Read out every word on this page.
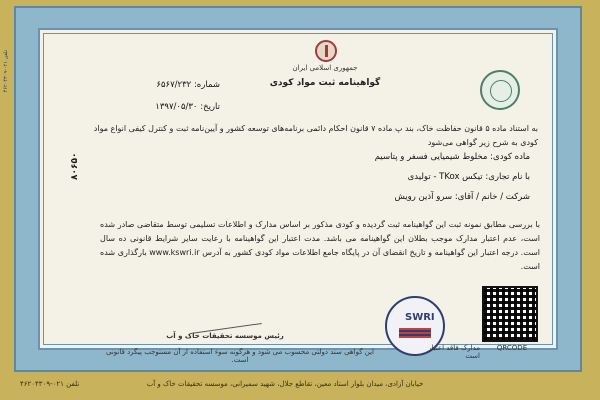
جمهوری اسلامی ایران
گواهینامه ثبت مواد کودی
شماره: ۶۵۶۷/۲۳۲
تاریخ: ۱۳۹۷/۰۵/۳۰
به استناد ماده ۵ قانون حفاظت خاک، بند پ ماده ۷ قانون احکام دائمی برنامه‌های توسعه کشور و آیین‌نامه ثبت و کنترل کیفی انواع مواد کودی به شرح زیر گواهی می‌شود
ماده کودی: مخلوط شیمیایی فسفر و پتاسیم
با نام تجاری: تیکس TKox - تولیدی
شرکت / خانم / آقای: سرو آذین رویش
۸۰۶۵۰
با بررسی مطابق نمونه ثبت این گواهینامه ثبت گردیده و کودی مذکور بر اساس مدارک و اطلاعات تسلیمی توسط متقاضی صادر شده است، عدم اعتبار مدارک موجب بطلان این گواهینامه می باشد. مدت اعتبار این گواهینامه با رعایت سایر شرایط قانونی ده سال است. درجه اعتبار این گواهینامه و تاریخ انقضای آن در پایگاه جامع اطلاعات مواد کودی کشور به آدرس www.kswri.ir بارگذاری شده است.
رئیس موسسه تحقیقات خاک و آب
این گواهی سند دولتی محسوب می شود و هرگونه سوء استفاده از آن مستوجب پیگرد قانونی است.
SWRI
QRCODE
مدارک فاقد اعتبار است
تلفن ۰۲۱-۴۶۲۰۴۳۰۹
خیابان آزادی، میدان بلوار استاد معین، تقاطع جلال، شهید سمیرانی، موسسه تحقیقات خاک و آب
تلفن ۰۲۱-۴۶۲۰۴۳۰۹
